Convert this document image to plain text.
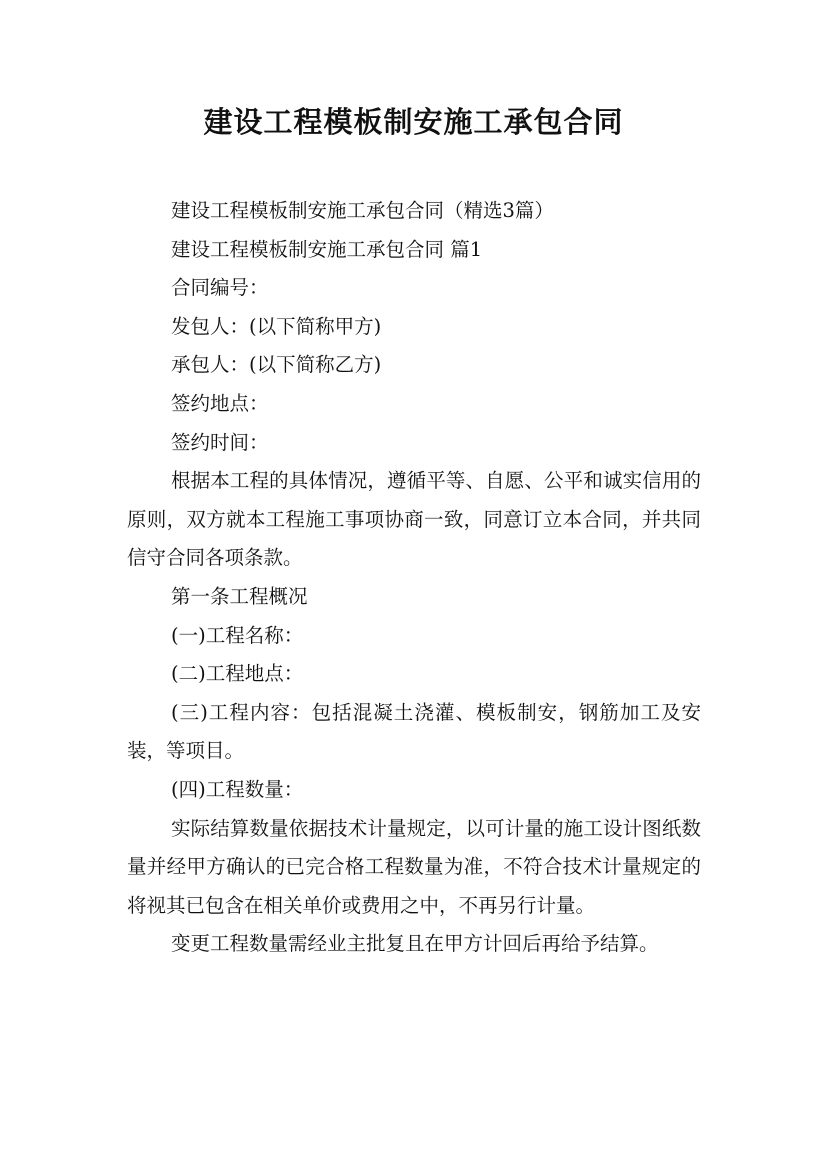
建设工程模板制安施工承包合同

建设工程模板制安施工承包合同（精选3篇）

建设工程模板制安施工承包合同 篇1

合同编号：

发包人：(以下简称甲方)

承包人：(以下简称乙方)

签约地点：

签约时间：

根据本工程的具体情况，遵循平等、自愿、公平和诚实信用的原则，双方就本工程施工事项协商一致，同意订立本合同，并共同信守合同各项条款。

第一条工程概况

(一)工程名称：

(二)工程地点：

(三)工程内容：包括混凝土浇灌、模板制安，钢筋加工及安装，等项目。

(四)工程数量：

实际结算数量依据技术计量规定，以可计量的施工设计图纸数量并经甲方确认的已完合格工程数量为准，不符合技术计量规定的将视其已包含在相关单价或费用之中，不再另行计量。

变更工程数量需经业主批复且在甲方计回后再给予结算。
